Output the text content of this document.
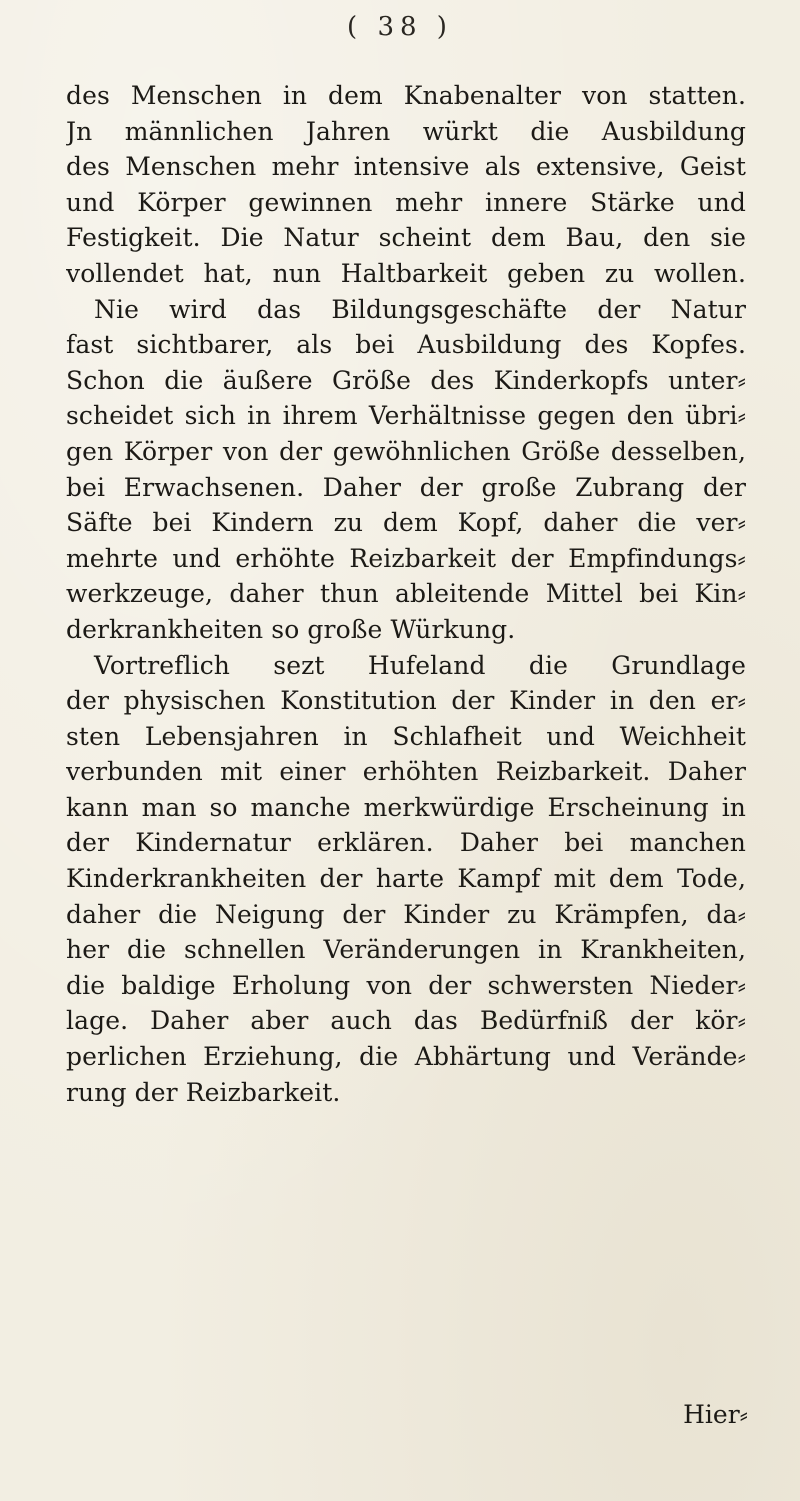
( 38 )
des Menschen in dem Knabenalter von statten.
Jn männlichen Jahren würkt die Ausbildung
des Menschen mehr intensive als extensive, Geist
und Körper gewinnen mehr innere Stärke und
Festigkeit. Die Natur scheint dem Bau, den sie
vollendet hat, nun Haltbarkeit geben zu wollen.
Nie wird das Bildungsgeschäfte der Natur
fast sichtbarer, als bei Ausbildung des Kopfes.
Schon die äußere Größe des Kinderkopfs unter⸗
scheidet sich in ihrem Verhältnisse gegen den übri⸗
gen Körper von der gewöhnlichen Größe desselben,
bei Erwachsenen. Daher der große Zubrang der
Säfte bei Kindern zu dem Kopf, daher die ver⸗
mehrte und erhöhte Reizbarkeit der Empfindungs⸗
werkzeuge, daher thun ableitende Mittel bei Kin⸗
derkrankheiten so große Würkung.
Vortreflich sezt Hufeland die Grundlage
der physischen Konstitution der Kinder in den er⸗
sten Lebensjahren in Schlafheit und Weichheit
verbunden mit einer erhöhten Reizbarkeit. Daher
kann man so manche merkwürdige Erscheinung in
der Kindernatur erklären. Daher bei manchen
Kinderkrankheiten der harte Kampf mit dem Tode,
daher die Neigung der Kinder zu Krämpfen, da⸗
her die schnellen Veränderungen in Krankheiten,
die baldige Erholung von der schwersten Nieder⸗
lage. Daher aber auch das Bedürfniß der kör⸗
perlichen Erziehung, die Abhärtung und Verände⸗
rung der Reizbarkeit.
Hier⸗
